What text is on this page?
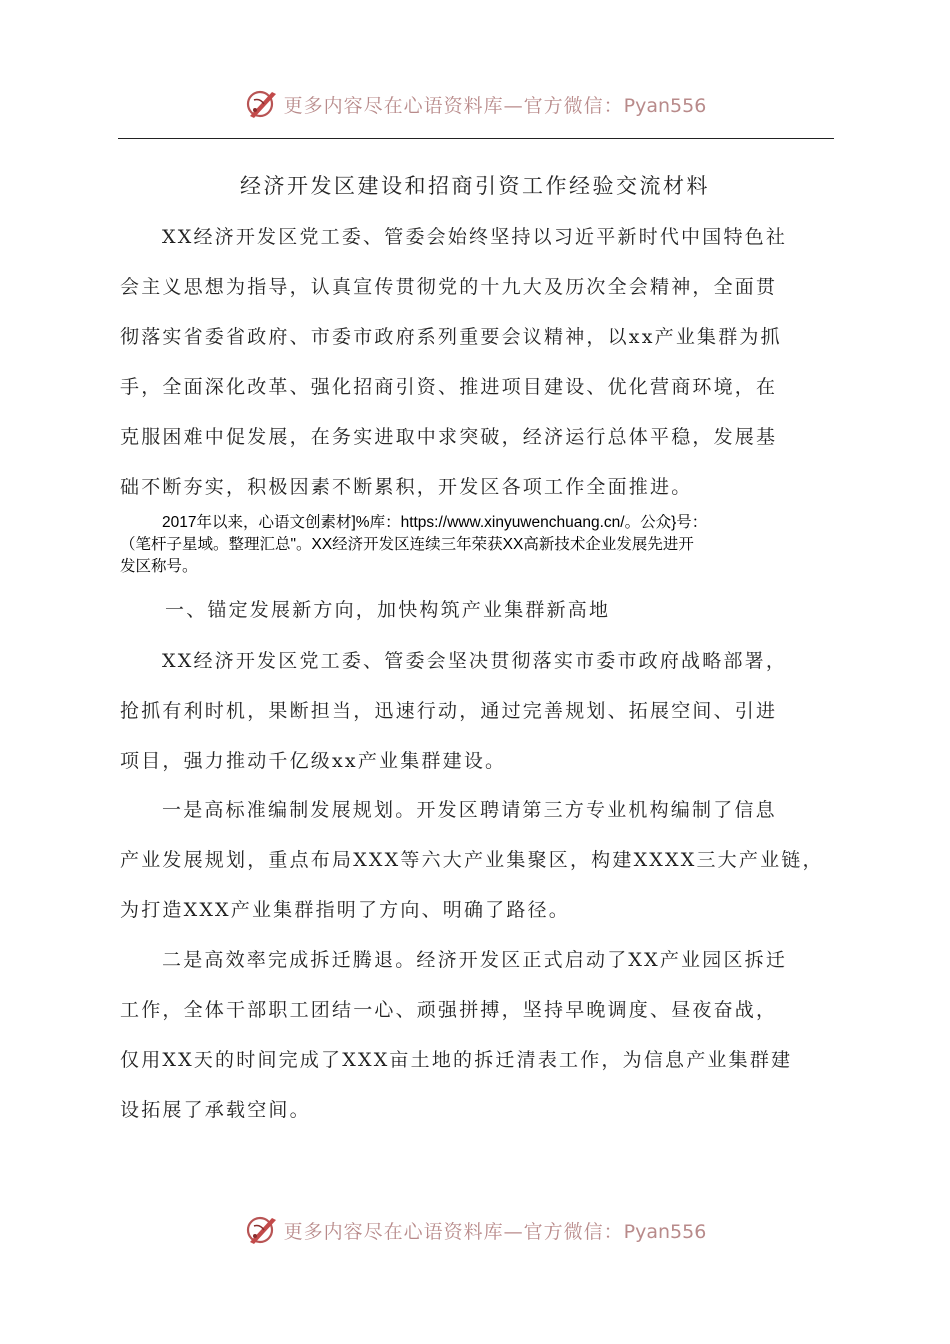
更多内容尽在心语资料库—官方微信：Pyan556
经济开发区建设和招商引资工作经验交流材料

XX经济开发区党工委、管委会始终坚持以习近平新时代中国特色社
会主义思想为指导，认真宣传贯彻党的十九大及历次全会精神，全面贯
彻落实省委省政府、市委市政府系列重要会议精神，以xx产业集群为抓
手，全面深化改革、强化招商引资、推进项目建设、优化营商环境，在
克服困难中促发展，在务实进取中求突破，经济运行总体平稳，发展基
础不断夯实，积极因素不断累积，开发区各项工作全面推进。

2017年以来，心语文创素材]%库：https://www.xinyuwenchuang.cn/。公众}号：
（笔杆子星域。整理汇总"。XX经济开发区连续三年荣获XX高新技术企业发展先进开
发区称号。
一、锚定发展新方向，加快构筑产业集群新高地

XX经济开发区党工委、管委会坚决贯彻落实市委市政府战略部署，
抢抓有利时机，果断担当，迅速行动，通过完善规划、拓展空间、引进
项目，强力推动千亿级xx产业集群建设。

一是高标准编制发展规划。开发区聘请第三方专业机构编制了信息
产业发展规划，重点布局XXX等六大产业集聚区，构建XXXX三大产业链，
为打造XXX产业集群指明了方向、明确了路径。

二是高效率完成拆迁腾退。经济开发区正式启动了XX产业园区拆迁
工作，全体干部职工团结一心、顽强拼搏，坚持早晚调度、昼夜奋战，
仅用XX天的时间完成了XXX亩土地的拆迁清表工作，为信息产业集群建
设拓展了承载空间。

更多内容尽在心语资料库—官方微信：Pyan556
